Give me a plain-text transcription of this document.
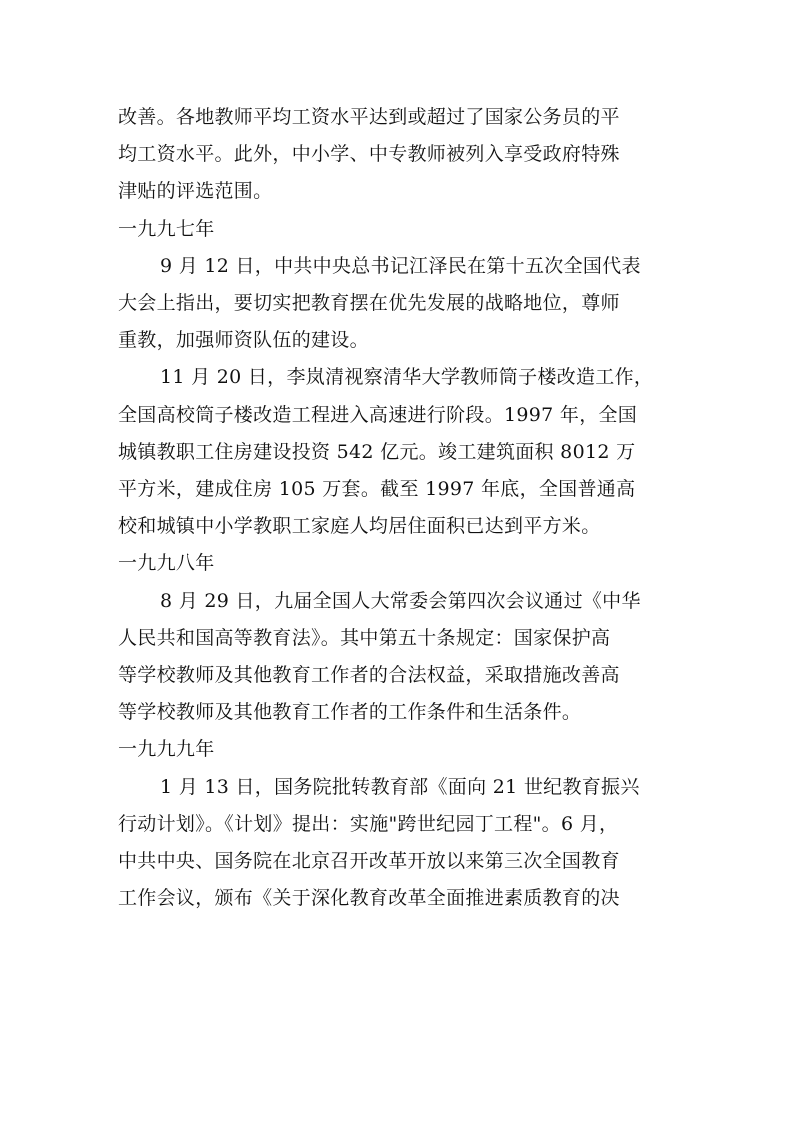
改善。各地教师平均工资水平达到或超过了国家公务员的平
均工资水平。此外，中小学、中专教师被列入享受政府特殊
津贴的评选范围。

一九九七年

9 月 12 日，中共中央总书记江泽民在第十五次全国代表
大会上指出，要切实把教育摆在优先发展的战略地位，尊师
重教，加强师资队伍的建设。

11 月 20 日，李岚清视察清华大学教师筒子楼改造工作，
全国高校筒子楼改造工程进入高速进行阶段。1997 年，全国
城镇教职工住房建设投资 542 亿元。竣工建筑面积 8012 万
平方米，建成住房 105 万套。截至 1997 年底，全国普通高
校和城镇中小学教职工家庭人均居住面积已达到平方米。

一九九八年

8 月 29 日，九届全国人大常委会第四次会议通过《中华
人民共和国高等教育法》。其中第五十条规定：国家保护高
等学校教师及其他教育工作者的合法权益，采取措施改善高
等学校教师及其他教育工作者的工作条件和生活条件。

一九九九年

1 月 13 日，国务院批转教育部《面向 21 世纪教育振兴
行动计划》。《计划》提出：实施"跨世纪园丁工程"。6 月，
中共中央、国务院在北京召开改革开放以来第三次全国教育
工作会议，颁布《关于深化教育改革全面推进素质教育的决
